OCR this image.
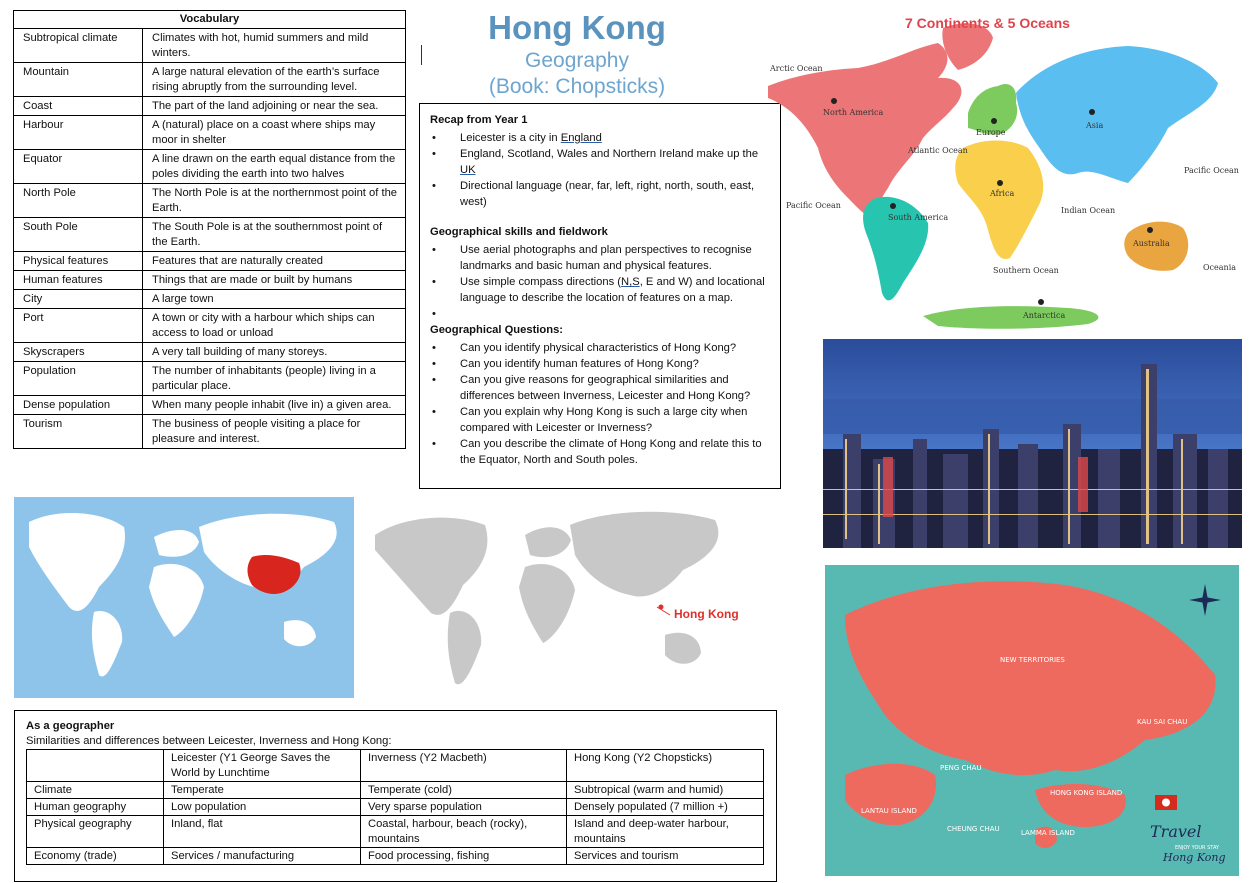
Vocabulary	
Subtropical climate	Climates with hot, humid summers and mild winters.
Mountain	A large natural elevation of the earth’s surface rising abruptly from the surrounding level.
Coast	The part of the land adjoining or near the sea.
Harbour	A (natural) place on a coast where ships may moor in shelter
Equator	A line drawn on the earth equal distance from the poles dividing the earth into two halves
North Pole	The North Pole is at the northernmost point of the Earth.
South Pole	The South Pole is at the southernmost point of the Earth.
Physical features	Features that are naturally created
Human features	Things that are made or built by humans
City	A large town
Port	A town or city with a harbour which ships can access to load or unload
Skyscrapers	A very tall building of many storeys.
Population	The number of inhabitants (people) living in a particular place.
Dense population	When many people inhabit (live in) a given area.
Tourism	The business of people visiting a place for pleasure and interest.
Hong Kong
Geography
(Book: Chopsticks)
Recap from Year 1
• Leicester is a city in England
• England, Scotland, Wales and Northern Ireland make up the UK
• Directional language (near, far, left, right, north, south, east, west)
Geographical skills and fieldwork
• Use aerial photographs and plan perspectives to recognise landmarks and basic human and physical features.
• Use simple compass directions (N,S, E and W) and locational language to describe the location of features on a map.
•
Geographical Questions:
• Can you identify physical characteristics of Hong Kong?
• Can you identify human features of Hong Kong?
• Can you give reasons for geographical similarities and differences between Inverness, Leicester and Hong Kong?
• Can you explain why Hong Kong is such a large city when compared with Leicester or Inverness?
• Can you describe the climate of Hong Kong and relate this to the Equator, North and South poles.
Arctic Ocean
North America
South America
Europe
Africa
Asia
Australia
Antarctica
Atlantic Ocean
Pacific Ocean
Pacific Ocean
Indian Ocean
Southern Ocean	Oceania
7 Continents & 5 Oceans
NEW TERRITORIES
KAU SAI CHAU
PENG CHAU
LANTAU ISLAND
CHEUNG CHAU	LAMMA ISLAND
HONG KONG ISLAND
Travel
ENJOY YOUR STAY
Hong Kong
Hong Kong
As a geographer
Similarities and differences between Leicester, Inverness and Hong Kong:
	Leicester (Y1 George Saves the World by Lunchtime	Inverness (Y2 Macbeth)	Hong Kong (Y2 Chopsticks)
Climate	Temperate	Temperate (cold)	Subtropical (warm and humid)
Human geography	Low population	Very sparse population	Densely populated (7 million +)
Physical geography	Inland, flat	Coastal, harbour, beach (rocky), mountains	Island and deep-water harbour, mountains
Economy (trade)	Services / manufacturing	Food processing, fishing	Services and tourism
